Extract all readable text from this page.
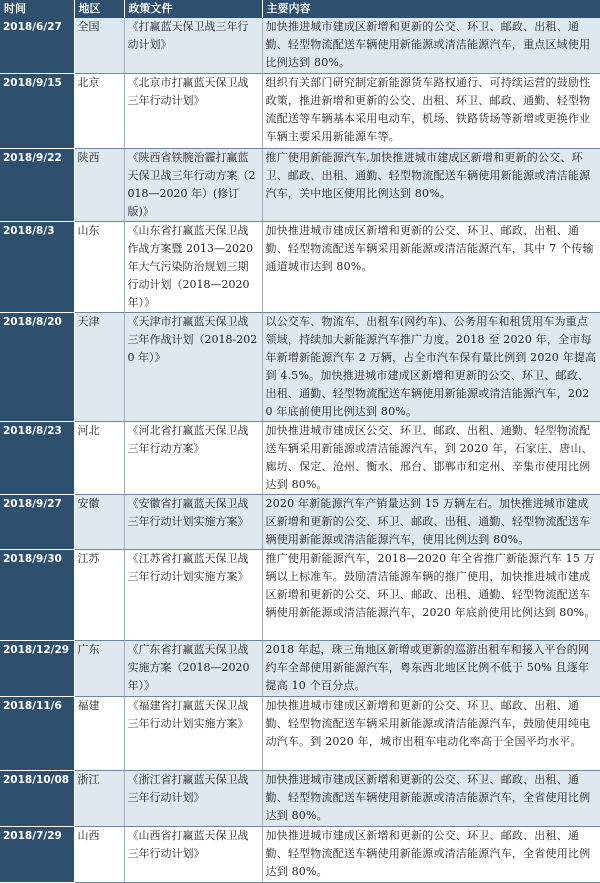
时间	地区	政策文件	主要内容
2018/6/27	全国	《打赢蓝天保卫战三年行动计划》	加快推进城市建成区新增和更新的公交、环卫、邮政、出租、通勤、轻型物流配送车辆使用新能源或清洁能源汽车，重点区域使用比例达到 80%。
2018/9/15	北京	《北京市打赢蓝天保卫战三年行动计划》	组织有关部门研究制定新能源货车路权通行、可持续运营的鼓励性政策，推进新增和更新的公交、出租、环卫、邮政、通勤、轻型物流配送等车辆基本采用电动车，机场、铁路货场等新增或更换作业车辆主要采用新能源车等。
2018/9/22	陕西	《陕西省铁腕治霾打赢蓝天保卫战三年行动方案（2018—2020 年）(修订版)》	推广使用新能源汽车,加快推进城市建成区新增和更新的公交、环卫、邮政、出租、通勤、轻型物流配送车辆使用新能源或清洁能源汽车，关中地区使用比例达到 80%。
2018/8/3	山东	《山东省打赢蓝天保卫战作战方案暨 2013—2020 年大气污染防治规划三期行动计划（2018—2020 年）》	加快推进城市建成区新增和更新的公交、环卫、邮政、出租、通勤、轻型物流配送车辆采用新能源或清洁能源汽车，其中 7 个传输通道城市达到 80%。
2018/8/20	天津	《天津市打赢蓝天保卫战三年作战计划（2018-2020 年）》	以公交车、物流车、出租车(网约车)、公务用车和租赁用车为重点领域，持续加大新能源汽车推广力度。2018 至 2020 年，全市每年新增新能源汽车 2 万辆，占全市汽车保有量比例到 2020 年提高到 4.5%。加快推进城市建成区新增和更新的公交、环卫、邮政、出租、通勤、轻型物流配送车辆使用新能源或清洁能源汽车，2020 年底前使用比例达到 80%。
2018/8/23	河北	《河北省打赢蓝天保卫战三年行动方案》	加快推进城市建成区公交、环卫、邮政、出租、通勤、轻型物流配送车辆采用新能源或清洁能源汽车，到 2020 年，石家庄、唐山、廊坊、保定、沧州、衡水、邢台、邯郸市和定州、辛集市使用比例达到 80%。
2018/9/27	安徽	《安徽省打赢蓝天保卫战三年行动计划实施方案》	2020 年新能源汽车产销量达到 15 万辆左右。加快推进城市建成区新增和更新的公交、环卫、邮政、出租、通勤、轻型物流配送车辆使用新能源或清洁能源汽车，使用比例达到 80%。
2018/9/30	江苏	《江苏省打赢蓝天保卫战三年行动计划实施方案》	推广使用新能源汽车，2018—2020 年全省推广新能源汽车 15 万辆以上标准车。鼓励清洁能源车辆的推广使用，加快推进城市建成区新增和更新的公交、环卫、邮政、出租、通勤、轻型物流配送车辆使用新能源或清洁能源汽车，2020 年底前使用比例达到 80%。
2018/12/29	广东	《广东省打赢蓝天保卫战实施方案（2018—2020 年）》	2018 年起，珠三角地区新增或更新的巡游出租车和接入平台的网约车全部使用新能源汽车，粤东西北地区比例不低于 50% 且逐年提高 10 个百分点。
2018/11/6	福建	《福建省打赢蓝天保卫战三年行动计划实施方案》	加快推进城市建成区新增和更新的公交、环卫、邮政、出租、通勤、轻型物流配送车辆采用新能源或清洁能源汽车，鼓励使用纯电动汽车。到 2020 年，城市出租车电动化率高于全国平均水平。
2018/10/08	浙江	《浙江省打赢蓝天保卫战三年行动计划》	加快推进城市建成区新增和更新的公交、环卫、邮政、出租、通勤、轻型物流配送车辆使用新能源或清洁能源汽车，全省使用比例达到 80%。
2018/7/29	山西	《山西省打赢蓝天保卫战三年行动计划》	加快推进城市建成区新增和更新的公交、环卫、邮政、出租、通勤、轻型物流配送车辆使用新能源或清洁能源汽车，全省使用比例达到 80%。
